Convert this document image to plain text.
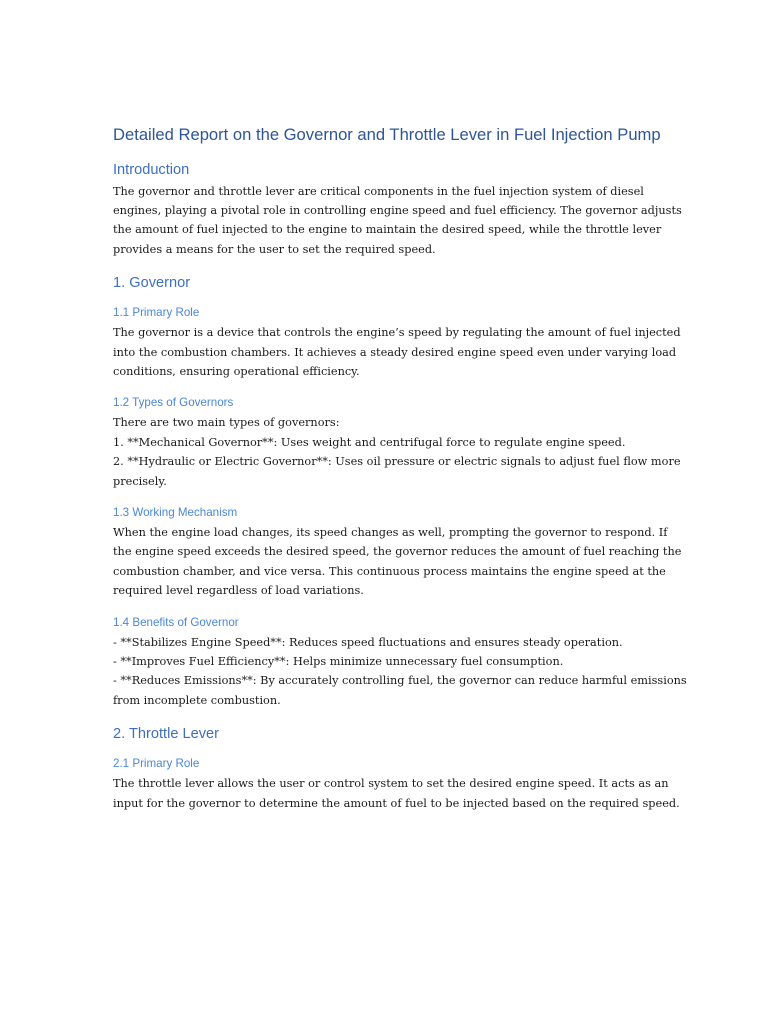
Detailed Report on the Governor and Throttle Lever in Fuel Injection Pump
Introduction

The governor and throttle lever are critical components in the fuel injection system of diesel engines, playing a pivotal role in controlling engine speed and fuel efficiency. The governor adjusts the amount of fuel injected to the engine to maintain the desired speed, while the throttle lever provides a means for the user to set the required speed.

1. Governor
1.1 Primary Role

The governor is a device that controls the engine’s speed by regulating the amount of fuel injected into the combustion chambers. It achieves a steady desired engine speed even under varying load conditions, ensuring operational efficiency.

1.2 Types of Governors

There are two main types of governors:
1. **Mechanical Governor**: Uses weight and centrifugal force to regulate engine speed.
2. **Hydraulic or Electric Governor**: Uses oil pressure or electric signals to adjust fuel flow more precisely.

1.3 Working Mechanism

When the engine load changes, its speed changes as well, prompting the governor to respond. If the engine speed exceeds the desired speed, the governor reduces the amount of fuel reaching the combustion chamber, and vice versa. This continuous process maintains the engine speed at the required level regardless of load variations.

1.4 Benefits of Governor

- **Stabilizes Engine Speed**: Reduces speed fluctuations and ensures steady operation.
- **Improves Fuel Efficiency**: Helps minimize unnecessary fuel consumption.
- **Reduces Emissions**: By accurately controlling fuel, the governor can reduce harmful emissions from incomplete combustion.

2. Throttle Lever
2.1 Primary Role

The throttle lever allows the user or control system to set the desired engine speed. It acts as an input for the governor to determine the amount of fuel to be injected based on the required speed.
